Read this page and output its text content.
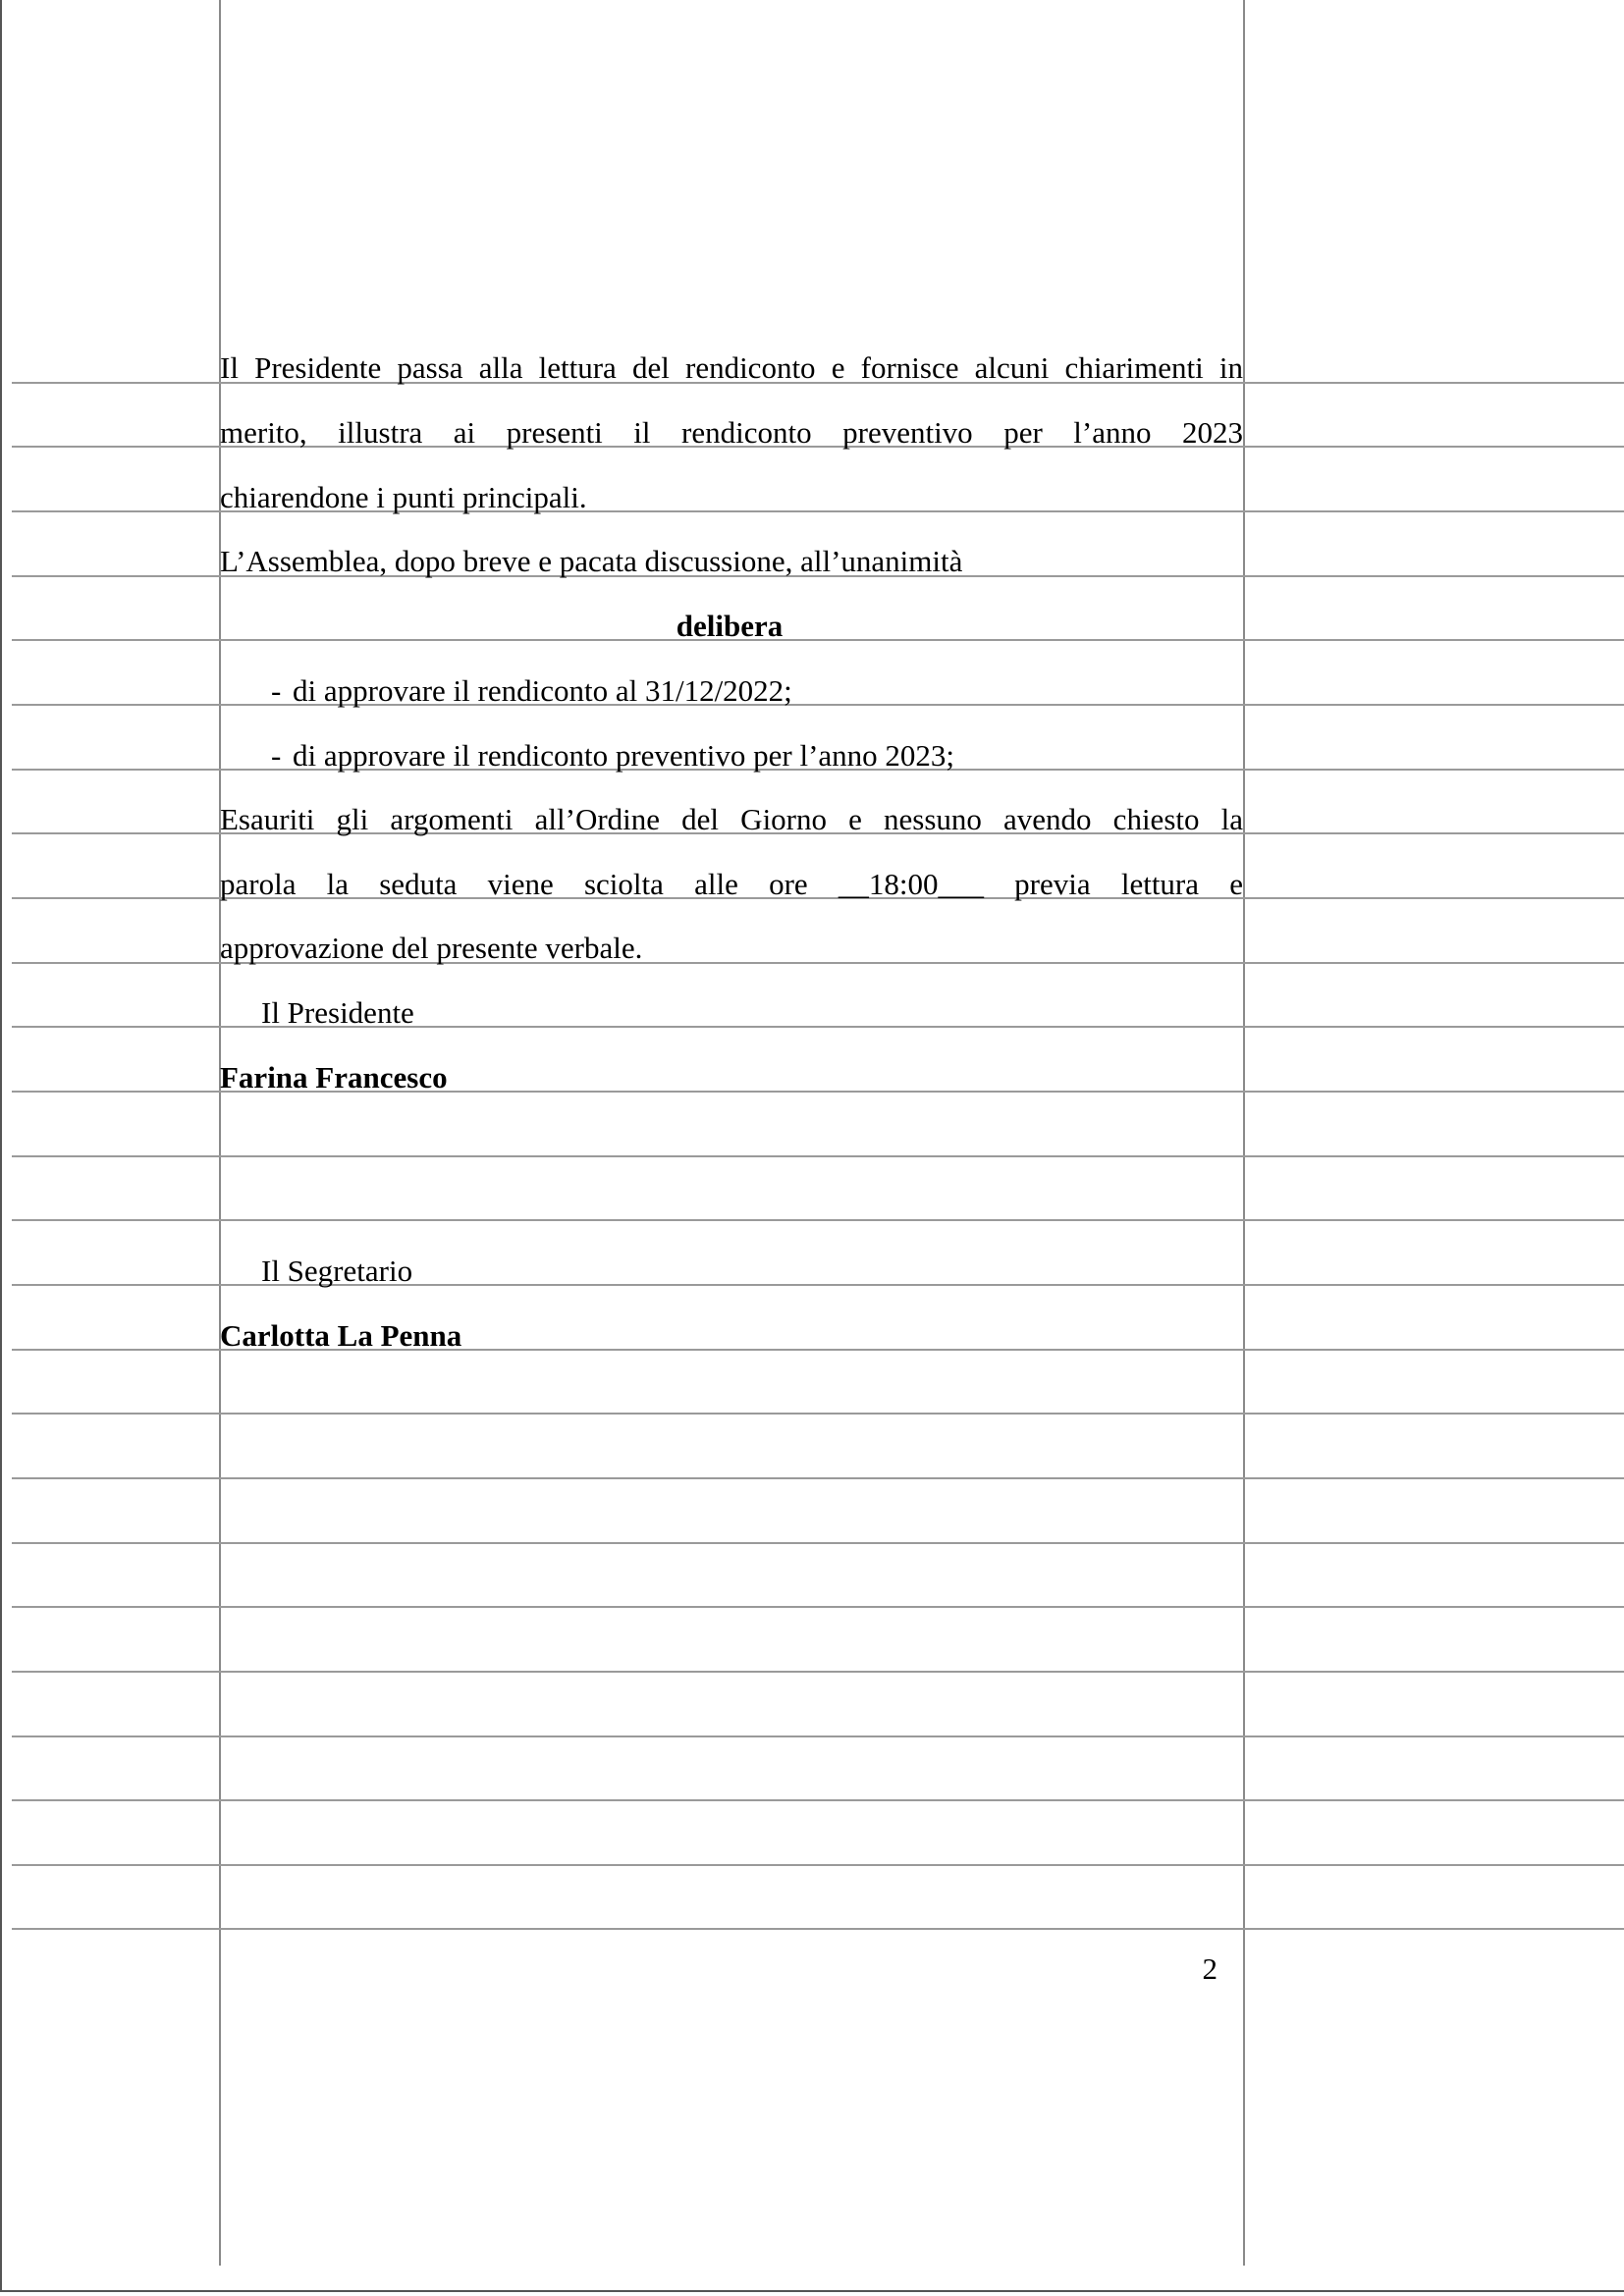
Il Presidente passa alla lettura del rendiconto e fornisce alcuni chiarimenti in
merito, illustra ai presenti il rendiconto preventivo per l’anno 2023
chiarendone i punti principali.
L’Assemblea, dopo breve e pacata discussione, all’unanimità
delibera
- di approvare il rendiconto al 31/12/2022;
- di approvare il rendiconto preventivo per l’anno 2023;
Esauriti gli argomenti all’Ordine del Giorno e nessuno avendo chiesto la
parola la seduta viene sciolta alle ore __18:00___ previa lettura e
approvazione del presente verbale.
Il Presidente
Farina Francesco
Il Segretario
Carlotta La Penna
2
